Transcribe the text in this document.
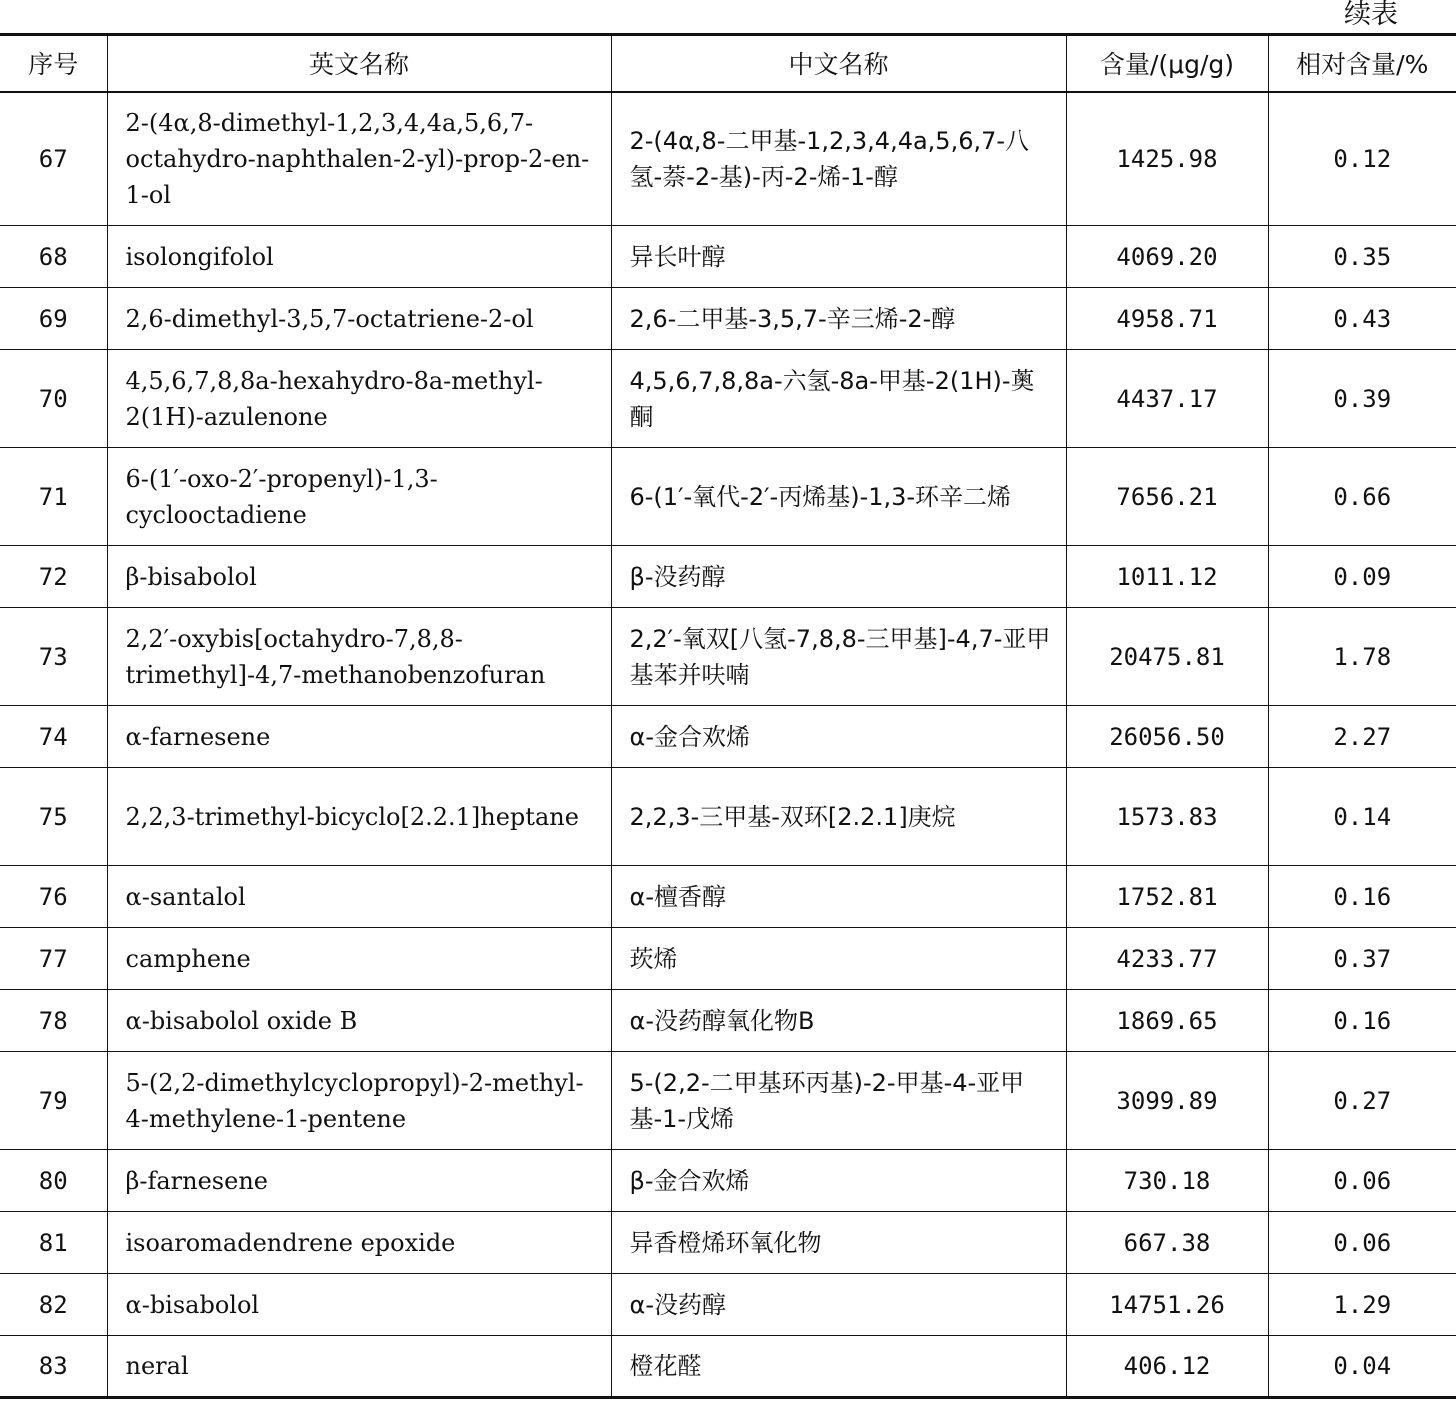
续表
序号	英文名称	中文名称	含量/(μg/g)	相对含量/%
67	2-(4α,8-dimethyl-1,2,3,4,4a,5,6,7-octahydro-naphthalen-2-yl)-prop-2-en-1-ol	2-(4α,8-二甲基-1,2,3,4,4a,5,6,7-八氢-萘-2-基)-丙-2-烯-1-醇	1425.98	0.12
68	isolongifolol	异长叶醇	4069.20	0.35
69	2,6-dimethyl-3,5,7-octatriene-2-ol	2,6-二甲基-3,5,7-辛三烯-2-醇	4958.71	0.43
70	4,5,6,7,8,8a-hexahydro-8a-methyl-2(1H)-azulenone	4,5,6,7,8,8a-六氢-8a-甲基-2(1H)-薁酮	4437.17	0.39
71	6-(1′-oxo-2′-propenyl)-1,3-cyclooctadiene	6-(1′-氧代-2′-丙烯基)-1,3-环辛二烯	7656.21	0.66
72	β-bisabolol	β-没药醇	1011.12	0.09
73	2,2′-oxybis[octahydro-7,8,8-trimethyl]-4,7-methanobenzofuran	2,2′-氧双[八氢-7,8,8-三甲基]-4,7-亚甲基苯并呋喃	20475.81	1.78
74	α-farnesene	α-金合欢烯	26056.50	2.27
75	2,2,3-trimethyl-bicyclo[2.2.1]heptane	2,2,3-三甲基-双环[2.2.1]庚烷	1573.83	0.14
76	α-santalol	α-檀香醇	1752.81	0.16
77	camphene	莰烯	4233.77	0.37
78	α-bisabolol oxide B	α-没药醇氧化物B	1869.65	0.16
79	5-(2,2-dimethylcyclopropyl)-2-methyl-4-methylene-1-pentene	5-(2,2-二甲基环丙基)-2-甲基-4-亚甲基-1-戊烯	3099.89	0.27
80	β-farnesene	β-金合欢烯	730.18	0.06
81	isoaromadendrene epoxide	异香橙烯环氧化物	667.38	0.06
82	α-bisabolol	α-没药醇	14751.26	1.29
83	neral	橙花醛	406.12	0.04
